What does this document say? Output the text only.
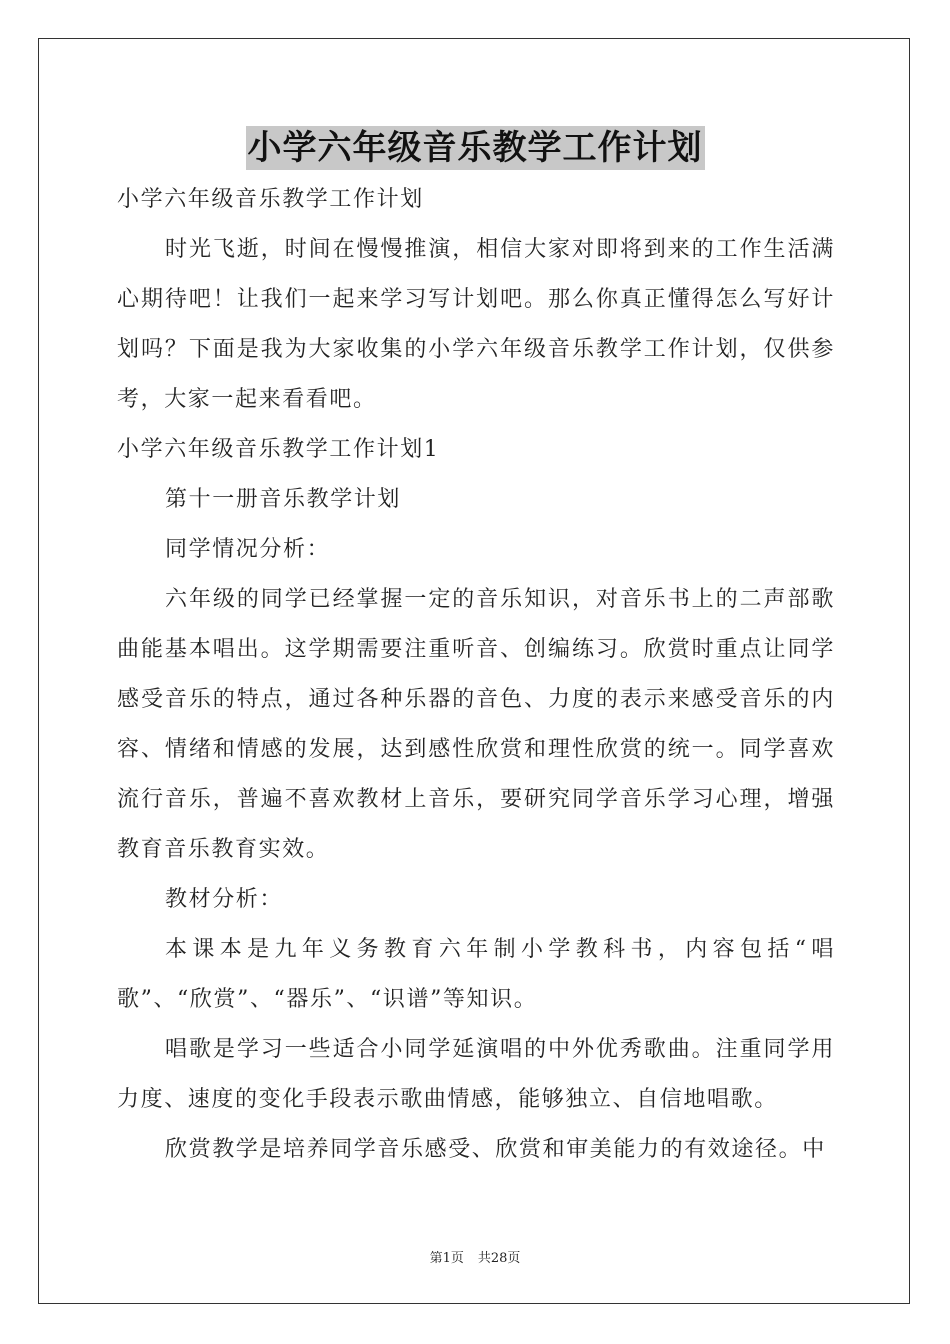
小学六年级音乐教学工作计划

小学六年级音乐教学工作计划

时光飞逝，时间在慢慢推演，相信大家对即将到来的工作生活满心期待吧！让我们一起来学习写计划吧。那么你真正懂得怎么写好计划吗？下面是我为大家收集的小学六年级音乐教学工作计划，仅供参考，大家一起来看看吧。

小学六年级音乐教学工作计划1

第十一册音乐教学计划

同学情况分析：

六年级的同学已经掌握一定的音乐知识，对音乐书上的二声部歌曲能基本唱出。这学期需要注重听音、创编练习。欣赏时重点让同学感受音乐的特点，通过各种乐器的音色、力度的表示来感受音乐的内容、情绪和情感的发展，达到感性欣赏和理性欣赏的统一。同学喜欢流行音乐，普遍不喜欢教材上音乐，要研究同学音乐学习心理，增强教育音乐教育实效。

教材分析：

本课本是九年义务教育六年制小学教科书，内容包括“唱歌”、“欣赏”、“器乐”、“识谱”等知识。

唱歌是学习一些适合小同学延演唱的中外优秀歌曲。注重同学用力度、速度的变化手段表示歌曲情感，能够独立、自信地唱歌。

欣赏教学是培养同学音乐感受、欣赏和审美能力的有效途径。中

第1页 共28页
